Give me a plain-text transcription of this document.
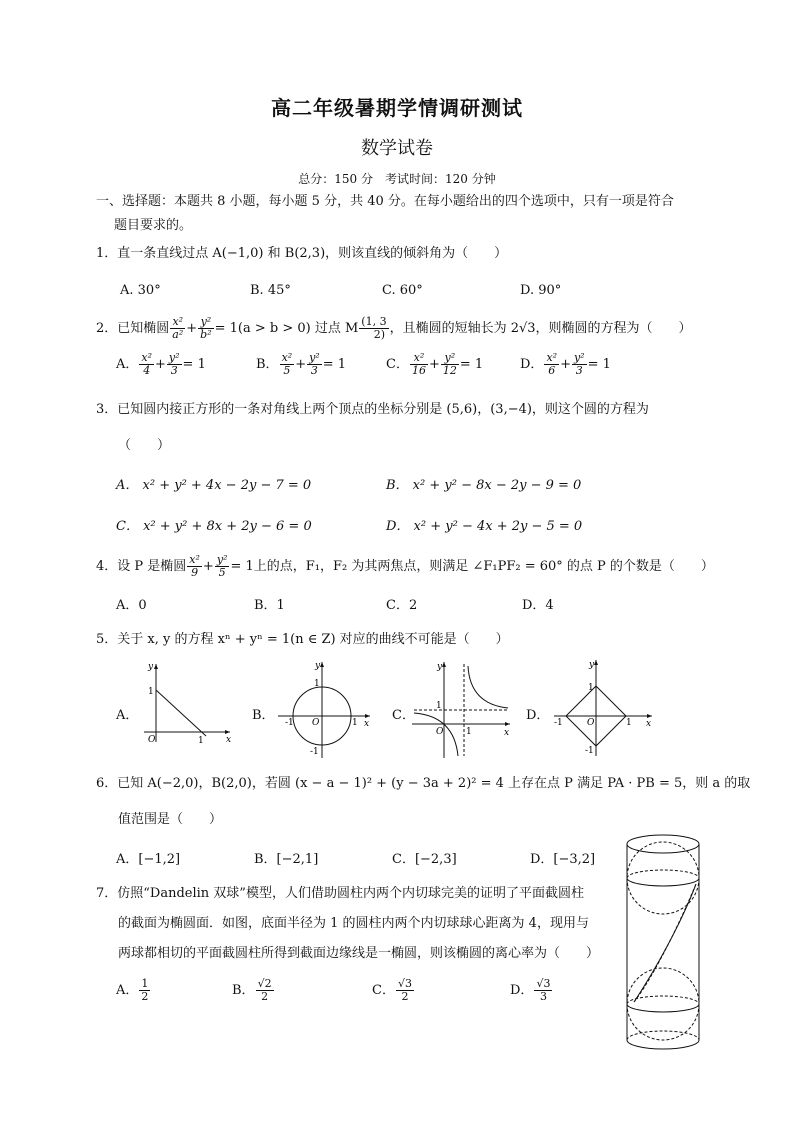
高二年级暑期学情调研测试
数学试卷
总分：150 分　考试时间：120 分钟
一、选择题：本题共 8 小题，每小题 5 分，共 40 分。在每小题给出的四个选项中，只有一项是符合
题目要求的。
1．直一条直线过点 A(−1,0) 和 B(2,3)，则该直线的倾斜角为（　　）
A. 30°	B. 45°	C. 60°	D. 90°
2．已知椭圆 $\frac{\text{x²}}{\text{a²}} + \frac{\text{y²}}{\text{b²}} = 1(a > b > 0)$ 过点 M $\frac{(1, 3}{2)}$ ，且椭圆的短轴长为 2√3，则椭圆的方程为（　　）
A． $\frac{\text{x²}}{4} + \frac{\text{y²}}{3} = 1$	B． $\frac{\text{x²}}{5} + \frac{\text{y²}}{3} = 1$	C． $\frac{\text{x²}}{16} + \frac{\text{y²}}{12} = 1$	D． $\frac{\text{x²}}{6} + \frac{\text{y²}}{3} = 1$
3．已知圆内接正方形的一条对角线上两个顶点的坐标分别是 (5,6)，(3,−4)，则这个圆的方程为
（　　）
A． x² + y² + 4x − 2y − 7 = 0	B． x² + y² − 8x − 2y − 9 = 0
C． x² + y² + 8x + 2y − 6 = 0	D． x² + y² − 4x + 2y − 5 = 0
4．设 P 是椭圆 $\frac{\text{x²}}{9} + \frac{\text{y²}}{5} = 1$上的点，F₁，F₂ 为其两焦点，则满足 ∠F₁PF₂ = 60° 的点 P 的个数是（　　）
A．0	B．1	C．2	D．4
5．关于 x, y 的方程 xⁿ + yⁿ = 1(n ∈ Z) 对应的曲线不可能是（　　）
A．	B．	C．	D．
y
x
O
1
1
y
x
O
-1	1
1
-1
y
x
O
1
1
y
x
O
-1	1
1
-1
6．已知 A(−2,0)，B(2,0)，若圆 (x − a − 1)² + (y − 3a + 2)² = 4 上存在点 P 满足 PA · PB = 5，则 a 的取
值范围是（　　）
A．[−1,2]	B．[−2,1]	C．[−2,3]	D．[−3,2]
7．仿照“Dandelin 双球”模型，人们借助圆柱内两个内切球完美的证明了平面截圆柱
的截面为椭圆面．如图，底面半径为 1 的圆柱内两个内切球球心距离为 4，现用与
两球都相切的平面截圆柱所得到截面边缘线是一椭圆，则该椭圆的离心率为（　　）
A． $\frac{1}{2}$	B． $\frac{√2}{2}$	C． $\frac{√3}{2}$	D． $\frac{√3}{3}$
